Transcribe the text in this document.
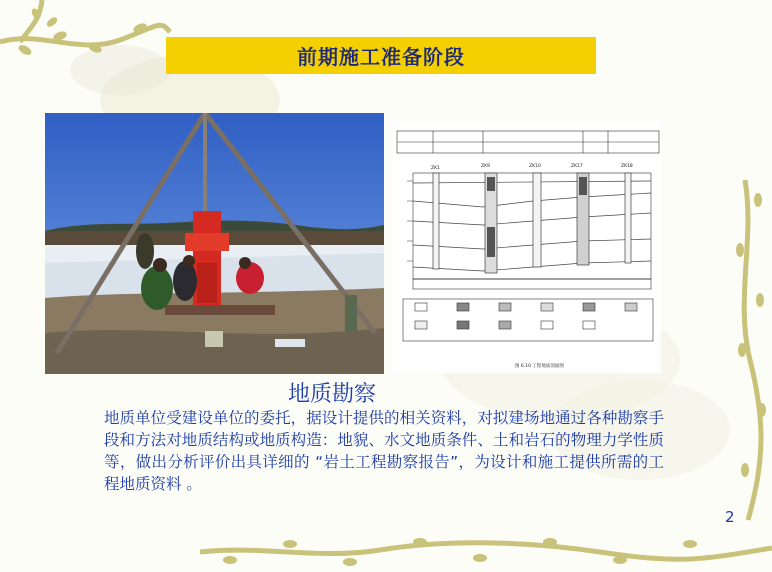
前期施工准备阶段
ZK1	ZK9	ZK10	ZK17	ZK18
图 6.10 工程地质剖面图
地质勘察
地质单位受建设单位的委托，据设计提供的相关资料，对拟建场地通过各种勘察手段和方法对地质结构或地质构造：地貌、水文地质条件、土和岩石的物理力学性质等，做出分析评价出具详细的 “岩土工程勘察报告”，为设计和施工提供所需的工程地质资料 。
2
